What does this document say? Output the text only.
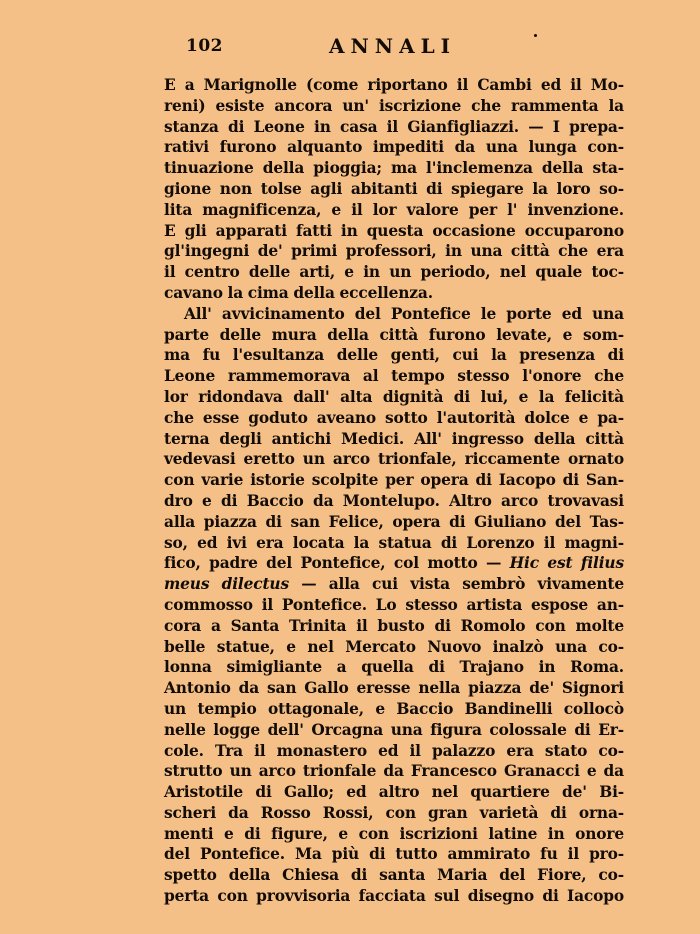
102	ANNALI
E a Marignolle (come riportano il Cambi ed il Mo-
reni) esiste ancora un' iscrizione che rammenta la
stanza di Leone in casa il Gianfigliazzi. — I prepa-
rativi furono alquanto impediti da una lunga con-
tinuazione della pioggia; ma l'inclemenza della sta-
gione non tolse agli abitanti di spiegare la loro so-
lita magnificenza, e il lor valore per l' invenzione.
E gli apparati fatti in questa occasione occuparono
gl'ingegni de' primi professori, in una città che era
il centro delle arti, e in un periodo, nel quale toc-
cavano la cima della eccellenza.
All' avvicinamento del Pontefice le porte ed una
parte delle mura della città furono levate, e som-
ma fu l'esultanza delle genti, cui la presenza di
Leone rammemorava al tempo stesso l'onore che
lor ridondava dall' alta dignità di lui, e la felicità
che esse goduto aveano sotto l'autorità dolce e pa-
terna degli antichi Medici. All' ingresso della città
vedevasi eretto un arco trionfale, riccamente ornato
con varie istorie scolpite per opera di Iacopo di San-
dro e di Baccio da Montelupo. Altro arco trovavasi
alla piazza di san Felice, opera di Giuliano del Tas-
so, ed ivi era locata la statua di Lorenzo il magni-
fico, padre del Pontefice, col motto — Hic est filius
meus dilectus — alla cui vista sembrò vivamente
commosso il Pontefice. Lo stesso artista espose an-
cora a Santa Trinita il busto di Romolo con molte
belle statue, e nel Mercato Nuovo inalzò una co-
lonna simigliante a quella di Trajano in Roma.
Antonio da san Gallo eresse nella piazza de' Signori
un tempio ottagonale, e Baccio Bandinelli collocò
nelle logge dell' Orcagna una figura colossale di Er-
cole. Tra il monastero ed il palazzo era stato co-
strutto un arco trionfale da Francesco Granacci e da
Aristotile di Gallo; ed altro nel quartiere de' Bi-
scheri da Rosso Rossi, con gran varietà di orna-
menti e di figure, e con iscrizioni latine in onore
del Pontefice. Ma più di tutto ammirato fu il pro-
spetto della Chiesa di santa Maria del Fiore, co-
perta con provvisoria facciata sul disegno di Iacopo
